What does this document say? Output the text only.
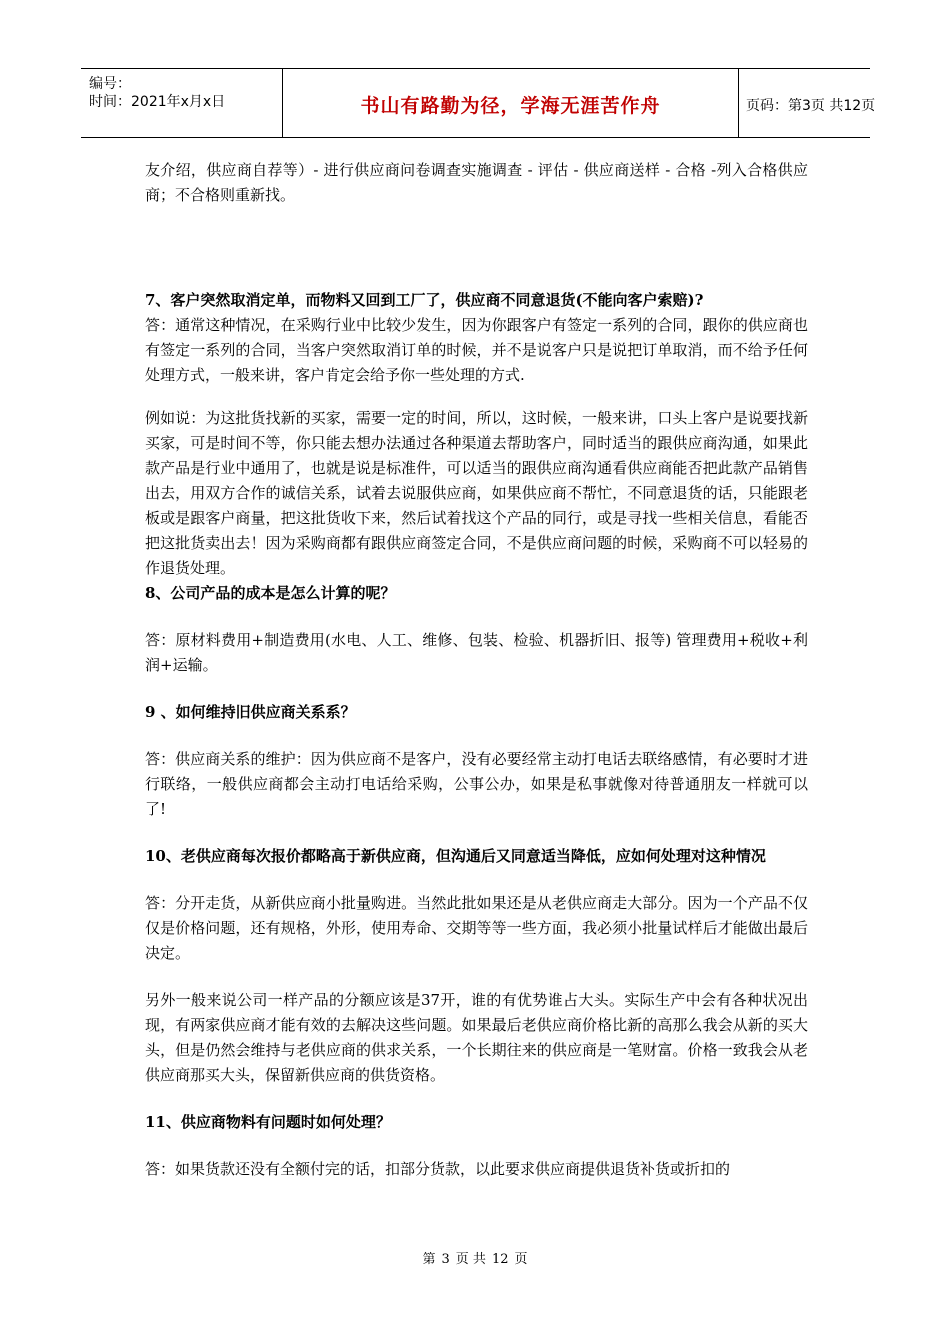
编号：
时间：2021年x月x日	书山有路勤为径，学海无涯苦作舟	页码：第3页 共12页

友介绍，供应商自荐等）- 进行供应商问卷调查实施调查 - 评估 - 供应商送样 - 合格 -列入合格供应商；不合格则重新找。

7、客户突然取消定单，而物料又回到工厂了，供应商不同意退货(不能向客户索赔)?

答：通常这种情况，在采购行业中比较少发生，因为你跟客户有签定一系列的合同，跟你的供应商也有签定一系列的合同，当客户突然取消订单的时候，并不是说客户只是说把订单取消，而不给予任何处理方式，一般来讲，客户肯定会给予你一些处理的方式.

例如说：为这批货找新的买家，需要一定的时间，所以，这时候，一般来讲，口头上客户是说要找新买家，可是时间不等，你只能去想办法通过各种渠道去帮助客户，同时适当的跟供应商沟通，如果此款产品是行业中通用了，也就是说是标准件，可以适当的跟供应商沟通看供应商能否把此款产品销售出去，用双方合作的诚信关系，试着去说服供应商，如果供应商不帮忙，不同意退货的话，只能跟老板或是跟客户商量，把这批货收下来，然后试着找这个产品的同行，或是寻找一些相关信息，看能否把这批货卖出去！因为采购商都有跟供应商签定合同，不是供应商问题的时候，采购商不可以轻易的作退货处理。

8、公司产品的成本是怎么计算的呢？

答：原材料费用+制造费用(水电、人工、维修、包装、检验、机器折旧、报等) 管理费用+税收+利润+运输。

9 、如何维持旧供应商关系系？

答：供应商关系的维护：因为供应商不是客户，没有必要经常主动打电话去联络感情，有必要时才进行联络，一般供应商都会主动打电话给采购，公事公办，如果是私事就像对待普通朋友一样就可以了!

10、老供应商每次报价都略高于新供应商，但沟通后又同意适当降低，应如何处理对这种情况

答：分开走货，从新供应商小批量购进。当然此批如果还是从老供应商走大部分。因为一个产品不仅仅是价格问题，还有规格，外形，使用寿命、交期等等一些方面，我必须小批量试样后才能做出最后决定。

另外一般来说公司一样产品的分额应该是37开，谁的有优势谁占大头。实际生产中会有各种状况出现，有两家供应商才能有效的去解决这些问题。如果最后老供应商价格比新的高那么我会从新的买大头，但是仍然会维持与老供应商的供求关系，一个长期往来的供应商是一笔财富。价格一致我会从老供应商那买大头，保留新供应商的供货资格。

11、供应商物料有问题时如何处理？

答：如果货款还没有全额付完的话，扣部分货款，以此要求供应商提供退货补货或折扣的

第 3 页 共 12 页
